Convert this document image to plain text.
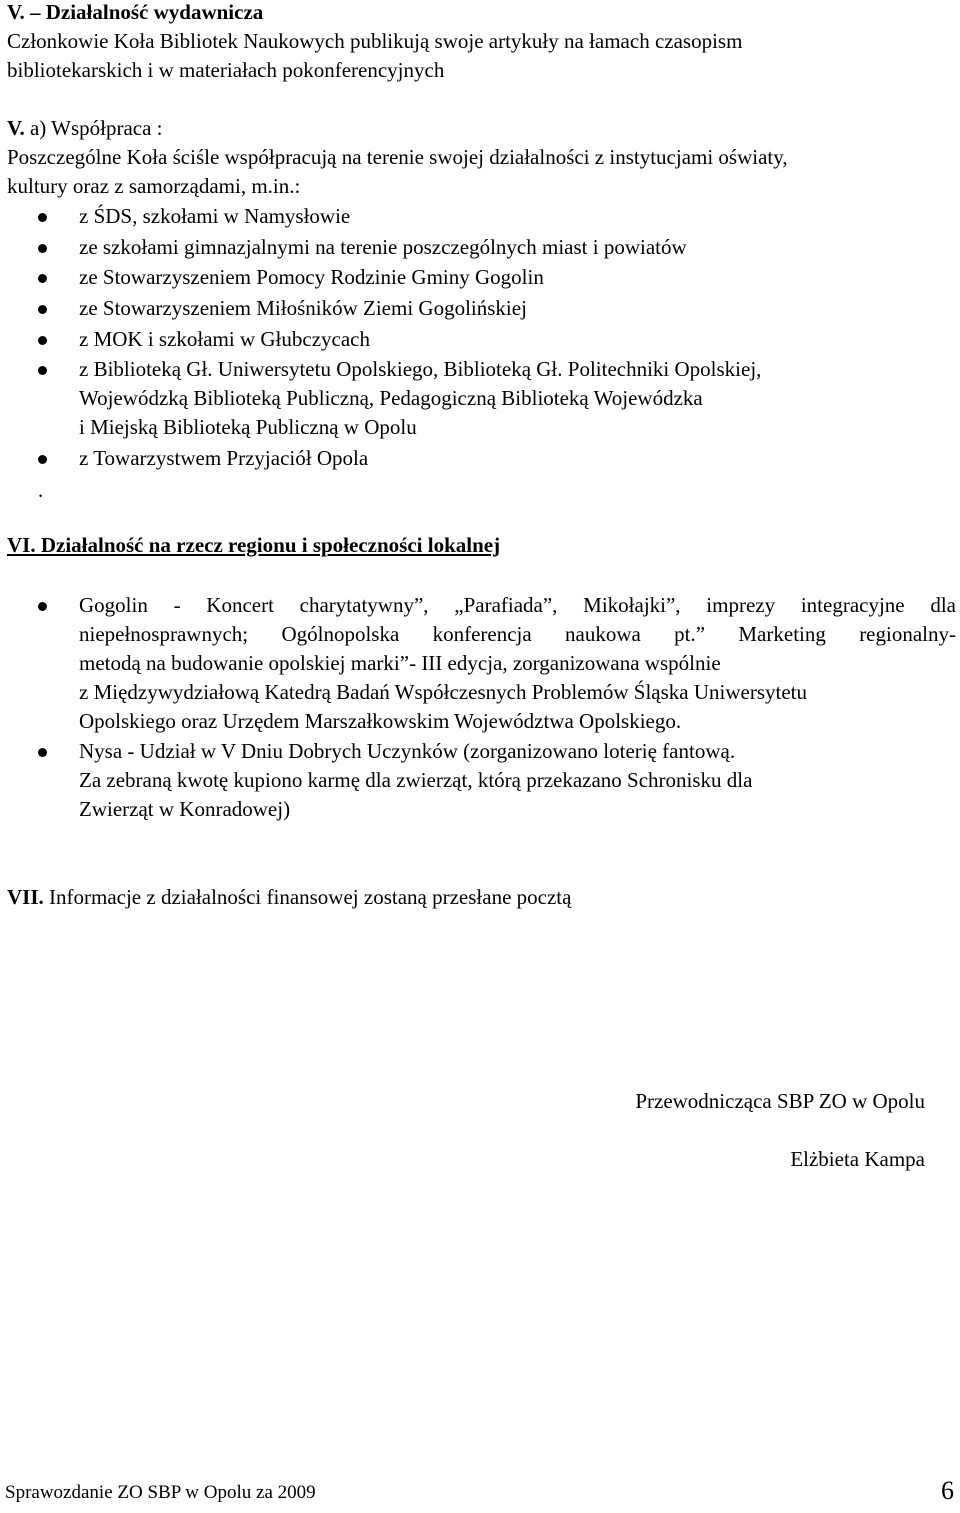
V. – Działalność wydawnicza
Członkowie Koła Bibliotek Naukowych publikują swoje artykuły na łamach czasopism
bibliotekarskich i w materiałach pokonferencyjnych
V. a) Współpraca :
Poszczególne Koła ściśle współpracują na terenie swojej działalności z instytucjami oświaty,
kultury oraz z samorządami, m.in.:
z ŚDS, szkołami w Namysłowie
ze szkołami gimnazjalnymi na terenie poszczególnych miast i powiatów
ze Stowarzyszeniem Pomocy Rodzinie Gminy Gogolin
ze Stowarzyszeniem Miłośników Ziemi Gogolińskiej
z MOK i szkołami w Głubczycach
z Biblioteką Gł. Uniwersytetu Opolskiego, Biblioteką Gł. Politechniki Opolskiej,
Wojewódzką Biblioteką Publiczną, Pedagogiczną Biblioteką Wojewódzka
i Miejską Biblioteką Publiczną w Opolu
z Towarzystwem Przyjaciół Opola
.
VI. Działalność na rzecz regionu i społeczności lokalnej
Gogolin - Koncert charytatywny”, „Parafiada”, Mikołajki”, imprezy integracyjne dla
niepełnosprawnych; Ogólnopolska konferencja naukowa pt.” Marketing regionalny-
metodą na budowanie opolskiej marki”- III edycja, zorganizowana wspólnie
z Międzywydziałową Katedrą Badań Współczesnych Problemów Śląska Uniwersytetu
Opolskiego oraz Urzędem Marszałkowskim Województwa Opolskiego.
Nysa - Udział w V Dniu Dobrych Uczynków (zorganizowano loterię fantową.
Za zebraną kwotę kupiono karmę dla zwierząt, którą przekazano Schronisku dla
Zwierząt w Konradowej)
VII. Informacje z działalności finansowej zostaną przesłane pocztą
Przewodnicząca SBP ZO w Opolu
Elżbieta Kampa
Sprawozdanie ZO SBP w Opolu za 2009	6
